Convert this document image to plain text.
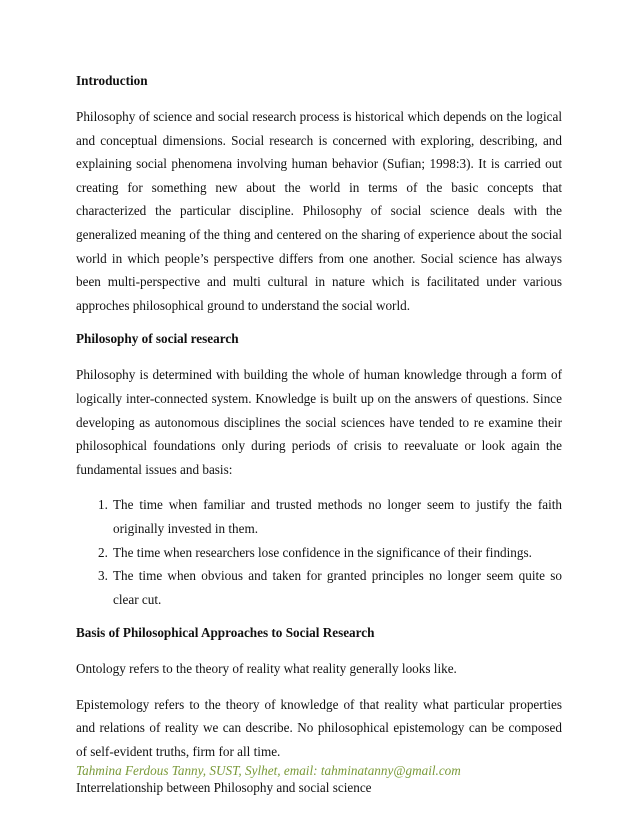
Introduction

Philosophy of science and social research process is historical which depends on the logical and conceptual dimensions. Social research is concerned with exploring, describing, and explaining social phenomena involving human behavior (Sufian; 1998:3). It is carried out creating for something new about the world in terms of the basic concepts that characterized the particular discipline. Philosophy of social science deals with the generalized meaning of the thing and centered on the sharing of experience about the social world in which people’s perspective differs from one another. Social science has always been multi-perspective and multi cultural in nature which is facilitated under various approches philosophical ground to understand the social world.

Philosophy of social research

Philosophy is determined with building the whole of human knowledge through a form of logically inter-connected system. Knowledge is built up on the answers of questions. Since developing as autonomous disciplines the social sciences have tended to re examine their philosophical foundations only during periods of crisis to reevaluate or look again the fundamental issues and basis:

1. The time when familiar and trusted methods no longer seem to justify the faith originally invested in them.
2. The time when researchers lose confidence in the significance of their findings.
3. The time when obvious and taken for granted principles no longer seem quite so clear cut.
Basis of Philosophical Approaches to Social Research

Ontology refers to the theory of reality what reality generally looks like.

Epistemology refers to the theory of knowledge of that reality what particular properties and relations of reality we can describe. No philosophical epistemology can be composed of self-evident truths, firm for all time.

Interrelationship between Philosophy and social science

Tahmina Ferdous Tanny, SUST, Sylhet, email: tahminatanny@gmail.com
